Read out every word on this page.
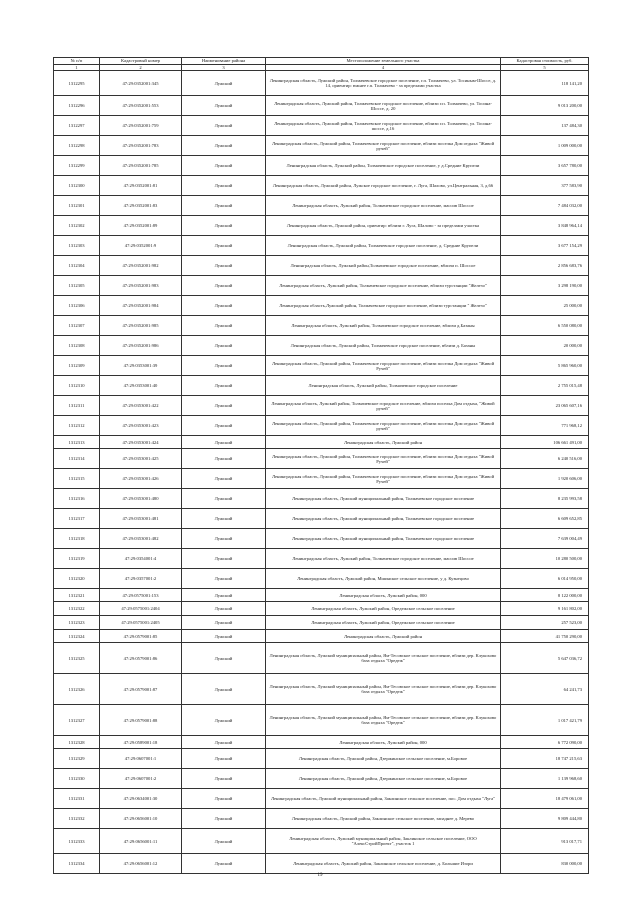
№ п/п	Кадастровый номер	Наименование района	Местоположение земельного участка	Кадастровая стоимость, руб.
1	2	3	4	5
1312295	47:29:0352001:345	Лужский	Ленинградская область, Лужский район, Толмачевское городское поселение, г.п. Толмачево, ул. Тосиным-Шоссе, д. 14, ориентир: южнее г.п. Толмачево - за пределами участка	118 141,20
1312296	47:29:0352001:553	Лужский	Ленинградская область, Лужский район, Толмачевское городское поселение, вблизи г.п. Толмачево, ул. Тосина-Шоссе, д. 20	9 013 200,00
1312297	47:29:0352001:759	Лужский	Ленинградская область, Лужский район, Толмачевское городское поселение, вблизи г.п. Толмачево, ул. Тосина-шоссе, д.16	137 484,30
1312298	47:29:0352001:783	Лужский	Ленинградская область, Лужский район, Толмачевское городское поселение, вблизи поселка Дом отдыха "Живой ручей"	1 009 000,00
1312299	47:29:0352001:785	Лужский	Ленинградская область, Лужский район, Толмачевское городское поселение, у д.Средние Крупели	3 657 780,00
1312300	47:29:0352001:81	Лужский	Ленинградская область, Лужский район, Лужское городское поселение, г. Луга, Шалово, ул.Центральная, 3, д.66	377 583,90
1312301	47:29:0352001:83	Лужский	Ленинградская область, Лужский район, Толмачевское городское поселение, массив Шоссое	7 484 032,00
1312302	47:29:0352001:89	Лужский	Ленинградская область, Лужский район, ориентир: вблизи г. Луга, Шалово - за пределами участка	3 848 964,14
1312303	47:29:0352001:9	Лужский	Ленинградская область, Лужский район, Толмачевское городское поселение, д. Средние Крупели	3 677 154,29
1312304	47:29:0352001:982	Лужский	Ленинградская область, Лужский район,Толмачевское городское поселение, вблизи п. Шоссое	2 856 683,76
1312305	47:29:0352001:983	Лужский	Ленинградская область, Лужский район, Толмачевское городское поселение, вблизи турстанции "Железо"	3 298 190,00
1312306	47:29:0352001:984	Лужский	Ленинградская область,Лужский район, Толмачевское городское поселение, вблизи турстанции " Железо"	25 000,00
1312307	47:29:0352001:985	Лужский	Ленинградская область, Лужский район, Толмачевское городское поселение, вблизи д.Базаны	6 550 080,00
1312308	47:29:0352001:986	Лужский	Ленинградская область, Лужский район, Толмачевское городское поселение, вблизи д. Базаны	20 000,00
1312309	47:29:0353001:39	Лужский	Ленинградская область, Лужский район, Толмачевское городское поселение, вблизи поселка Дом отдыха "Живой Ручей"	5 865 960,00
1312310	47:29:0353001:40	Лужский	Ленинградская область, Лужский район, Толмачевское городское поселение	2 755 015,48
1312311	47:29:0353001:422	Лужский	Ленинградская область, Лужский район, Толмачевское городское поселение, вблизи поселка Дом отдыха, "Живой ручей"	23 065 607,16
1312312	47:29:0353001:423	Лужский	Ленинградская область, Лужский район, Толмачевское городское поселение, вблизи поселка Дом отдыха "Живой ручей"	771 968,12
1312313	47:29:0353001:424	Лужский	Ленинградская область, Лужский район	106 661 491,00
1312314	47:29:0353001:425	Лужский	Ленинградская область, Лужский район, Толмачевское городское поселение, вблизи поселка Дом отдыха "Живой Ручей"	6 240 516,00
1312315	47:29:0353001:426	Лужский	Ленинградская область, Лужский район, Толмачевское городское поселение, вблизи поселка Дом отдыха "Живой Ручей"	1 920 606,00
1312316	47:29:0353001:480	Лужский	Ленинградская область, Лужский муниципальный район, Толмачевское городское поселение	8 235 993,58
1312317	47:29:0353001:481	Лужский	Ленинградская область, Лужский муниципальный район, Толмачевское городское поселение	6 609 652,85
1312318	47:29:0353001:482	Лужский	Ленинградская область, Лужский муниципальный район, Толмачевское городское поселение	7 639 004,49
1312319	47:29:0354001:4	Лужский	Ленинградская область, Лужский район, Толмачевское городское поселение, массив Шоссое	10 280 500,00
1312320	47:29:0357001:2	Лужский	Ленинградская область, Лужский район, Мшинское сельское поселение, у д. Кузнецово	6 014 950,00
1312321	47:29:0575001:153	Лужский	Ленинградская область, Лужский район, 000	8 122 000,00
1312322	47:29:0575001:2404	Лужский	Ленинградская область, Лужский район, Оредежское сельское поселение	9 161 802,00
1312323	47:29:0575001:2405	Лужский	Ленинградская область, Лужский район, Оредежское сельское поселение	257 523,00
1312324	47:29:0579001:85	Лужский	Ленинградская область, Лужский район	41 750 290,00
1312325	47:29:0579001:86	Лужский	Ленинградская область, Лужский муниципальный район, Ям-Тесовское сельское поселение, вблизи дер. Клукохово база отдыха "Оредеж"	5 647 036,72
1312326	47:29:0579001:87	Лужский	Ленинградская область, Лужский муниципальный район, Ям-Тесовское сельское поселение, вблизи дер. Клукохово база отдыха "Оредеж"	64 241,73
1312327	47:29:0579001:88	Лужский	Ленинградская область, Лужский муниципальный район, Ям-Тесовское сельское поселение, вблизи дер. Клукохово база отдыха "Оредеж"	1 017 421,79
1312328	47:29:0589001:18	Лужский	Ленинградская область, Лужский район, 000	6 772 090,00
1312329	47:29:0607001:1	Лужский	Ленинградская область, Лужский район, Дзержинское сельское поселение, м.Боровое	18 747 215,63
1312330	47:29:0607001:2	Лужский	Ленинградская область, Лужский район, Дзержинское сельское поселение, м.Боровое	1 139 968,60
1312331	47:29:0634001:30	Лужский	Ленинградская область, Лужский муниципальный район, Заклинское сельское поселение, пос. Дом отдыха "Луга"	18 479 061,00
1312332	47:29:0656001:10	Лужский	Ленинградская область, Лужский район, Заклинское сельское поселение, западнее д. Мерево	9 809 444,80
1312333	47:29:0656001:11	Лужский	Ленинградская область, Лужский муниципальный район, Заклинское сельское поселение, ООО "АлексСтройПроект", участок 1	913 017,71
1312334	47:29:0656001:12	Лужский	Ленинградская область, Лужский район, Заклинское сельское поселение, д. Большие Изори	830 000,00
19
